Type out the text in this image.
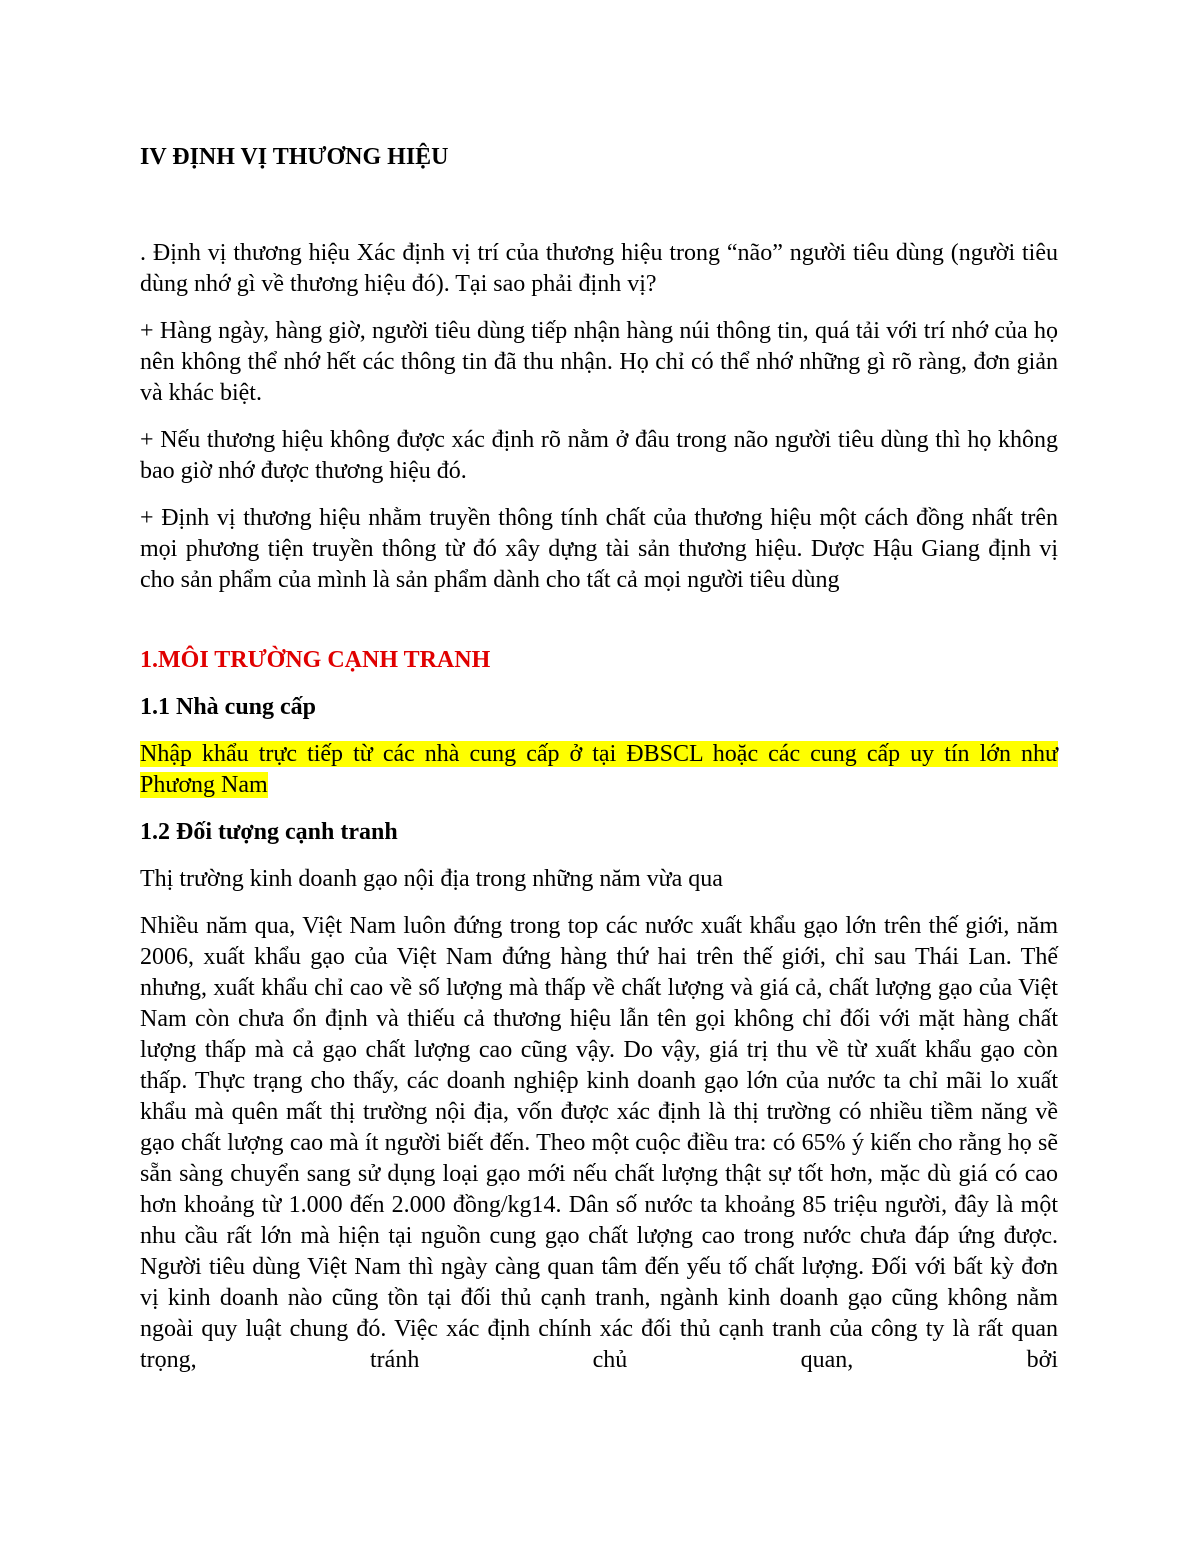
IV ĐỊNH VỊ THƯƠNG HIỆU

. Định vị thương hiệu Xác định vị trí của thương hiệu trong “não” người tiêu dùng (người tiêu dùng nhớ gì về thương hiệu đó). Tại sao phải định vị?

+ Hàng ngày, hàng giờ, người tiêu dùng tiếp nhận hàng núi thông tin, quá tải với trí nhớ của họ nên không thể nhớ hết các thông tin đã thu nhận. Họ chỉ có thể nhớ những gì rõ ràng, đơn giản và khác biệt.

+ Nếu thương hiệu không được xác định rõ nằm ở đâu trong não người tiêu dùng thì họ không bao giờ nhớ được thương hiệu đó.

+ Định vị thương hiệu nhằm truyền thông tính chất của thương hiệu một cách đồng nhất trên mọi phương tiện truyền thông từ đó xây dựng tài sản thương hiệu. Dược Hậu Giang định vị cho sản phẩm của mình là sản phẩm dành cho tất cả mọi người tiêu dùng

1.MÔI TRƯỜNG CẠNH TRANH

1.1 Nhà cung cấp

Nhập khẩu trực tiếp từ các nhà cung cấp ở tại ĐBSCL hoặc các cung cấp uy tín lớn như Phương Nam

1.2 Đối tượng cạnh tranh

Thị trường kinh doanh gạo nội địa trong những năm vừa qua

Nhiều năm qua, Việt Nam luôn đứng trong top các nước xuất khẩu gạo lớn trên thế giới, năm 2006, xuất khẩu gạo của Việt Nam đứng hàng thứ hai trên thế giới, chỉ sau Thái Lan. Thế nhưng, xuất khẩu chỉ cao về số lượng mà thấp về chất lượng và giá cả, chất lượng gạo của Việt Nam còn chưa ổn định và thiếu cả thương hiệu lẫn tên gọi không chỉ đối với mặt hàng chất lượng thấp mà cả gạo chất lượng cao cũng vậy. Do vậy, giá trị thu về từ xuất khẩu gạo còn thấp. Thực trạng cho thấy, các doanh nghiệp kinh doanh gạo lớn của nước ta chỉ mãi lo xuất khẩu mà quên mất thị trường nội địa, vốn được xác định là thị trường có nhiều tiềm năng về gạo chất lượng cao mà ít người biết đến. Theo một cuộc điều tra: có 65% ý kiến cho rằng họ sẽ sẵn sàng chuyển sang sử dụng loại gạo mới nếu chất lượng thật sự tốt hơn, mặc dù giá có cao hơn khoảng từ 1.000 đến 2.000 đồng/kg14. Dân số nước ta khoảng 85 triệu người, đây là một nhu cầu rất lớn mà hiện tại nguồn cung gạo chất lượng cao trong nước chưa đáp ứng được. Người tiêu dùng Việt Nam thì ngày càng quan tâm đến yếu tố chất lượng. Đối với bất kỳ đơn vị kinh doanh nào cũng tồn tại đối thủ cạnh tranh, ngành kinh doanh gạo cũng không nằm ngoài quy luật chung đó. Việc xác định chính xác đối thủ cạnh tranh của công ty là rất quan trọng, tránh chủ quan, bởi
